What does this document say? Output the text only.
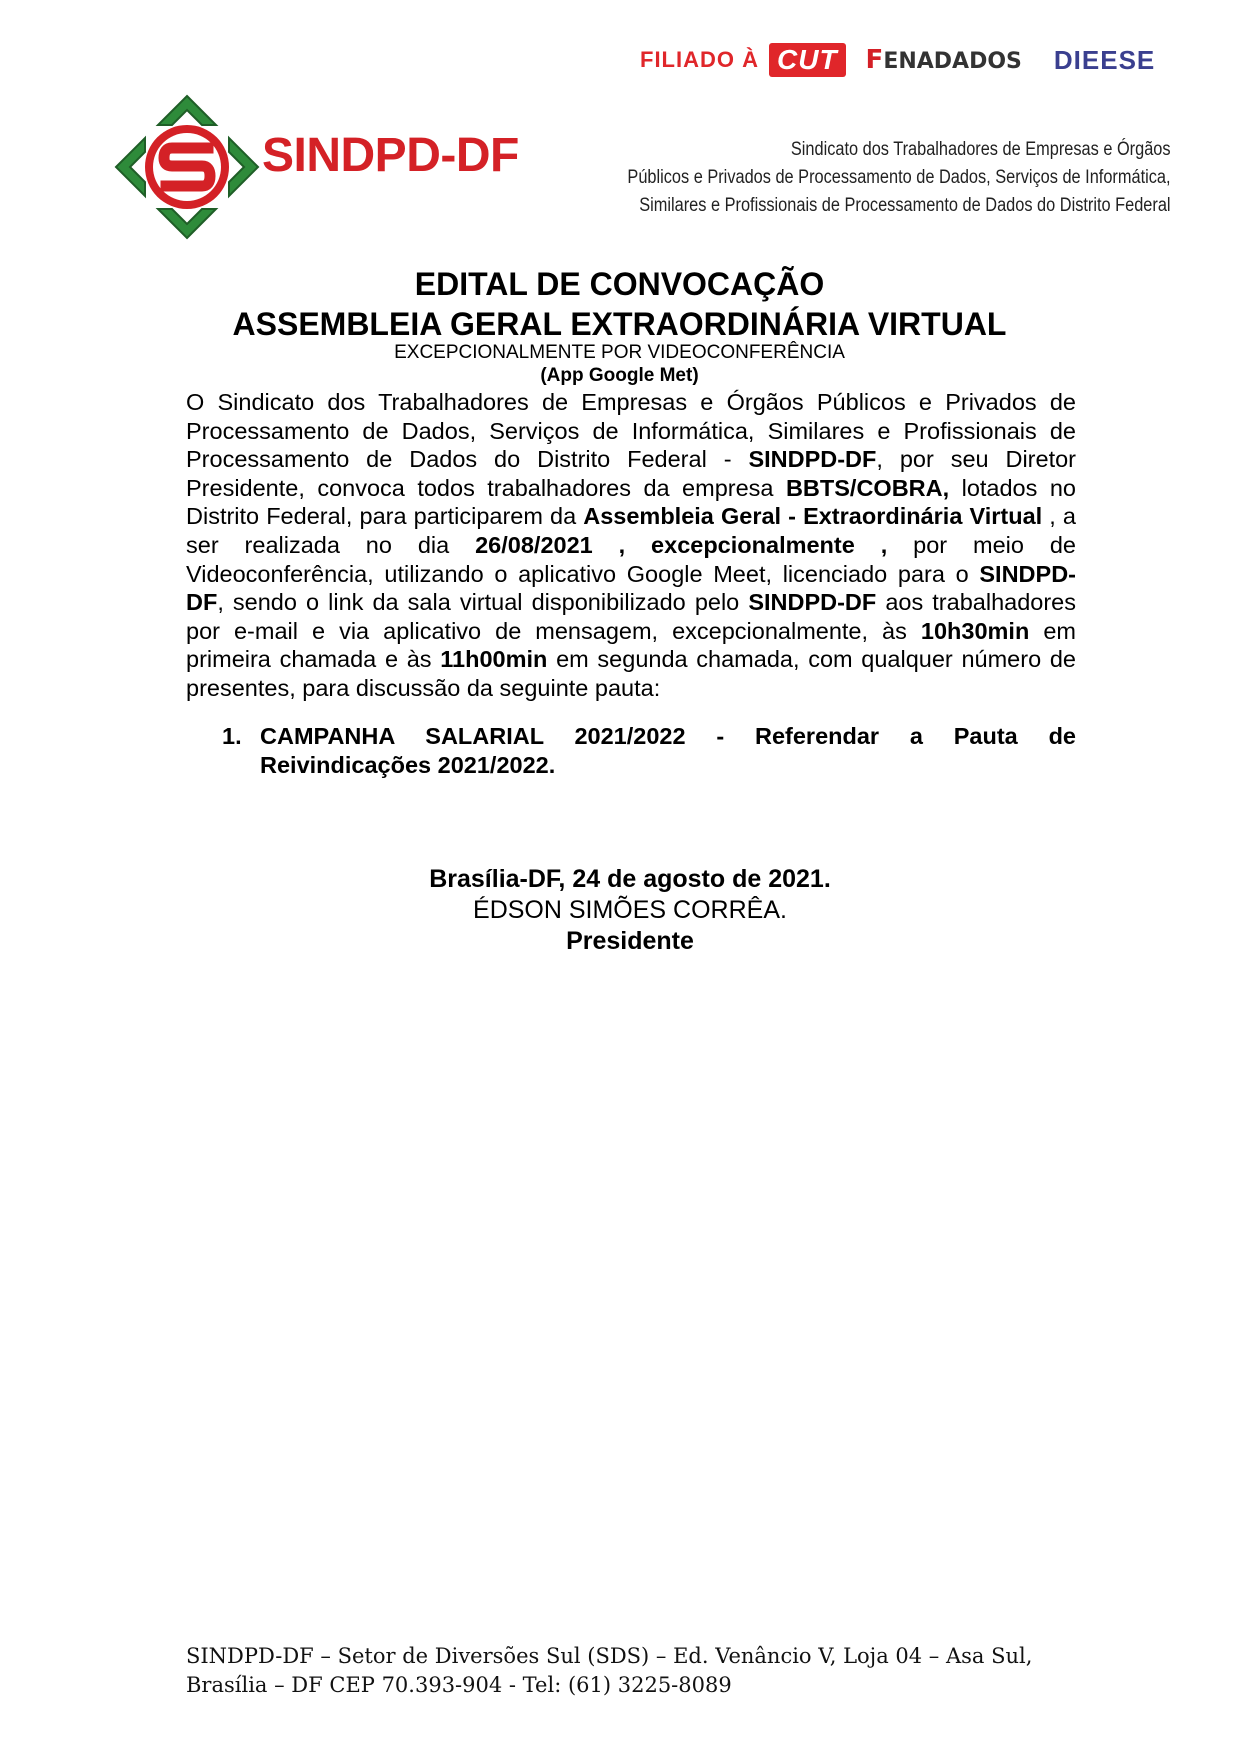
FILIADO À CUT	FENADADOS DIEESE
SINDPD-DF	Sindicato dos Trabalhadores de Empresas e Órgãos
Públicos e Privados de Processamento de Dados, Serviços de Informática,
Similares e Profissionais de Processamento de Dados do Distrito Federal
EDITAL DE CONVOCAÇÃO
ASSEMBLEIA GERAL EXTRAORDINÁRIA VIRTUAL
EXCEPCIONALMENTE POR VIDEOCONFERÊNCIA
(App Google Met)
O Sindicato dos Trabalhadores de Empresas e Órgãos Públicos e Privados de Processamento de Dados, Serviços de Informática, Similares e Profissionais de Processamento de Dados do Distrito Federal - SINDPD-DF, por seu Diretor Presidente, convoca todos trabalhadores da empresa BBTS/COBRA, lotados no Distrito Federal, para participarem da Assembleia Geral - Extraordinária Virtual , a ser realizada no dia 26/08/2021 , excepcionalmente , por meio de Videoconferência, utilizando o aplicativo Google Meet, licenciado para o SINDPD-DF, sendo o link da sala virtual disponibilizado pelo SINDPD-DF aos trabalhadores por e-mail e via aplicativo de mensagem, excepcionalmente, às 10h30min em primeira chamada e às 11h00min em segunda chamada, com qualquer número de presentes, para discussão da seguinte pauta:
1. CAMPANHA SALARIAL 2021/2022 - Referendar a Pauta de Reivindicações 2021/2022.
Brasília-DF, 24 de agosto de 2021.
ÉDSON SIMÕES CORRÊA.
Presidente
SINDPD-DF – Setor de Diversões Sul (SDS) – Ed. Venâncio V, Loja 04 – Asa Sul,
Brasília – DF CEP 70.393-904 - Tel: (61) 3225-8089
